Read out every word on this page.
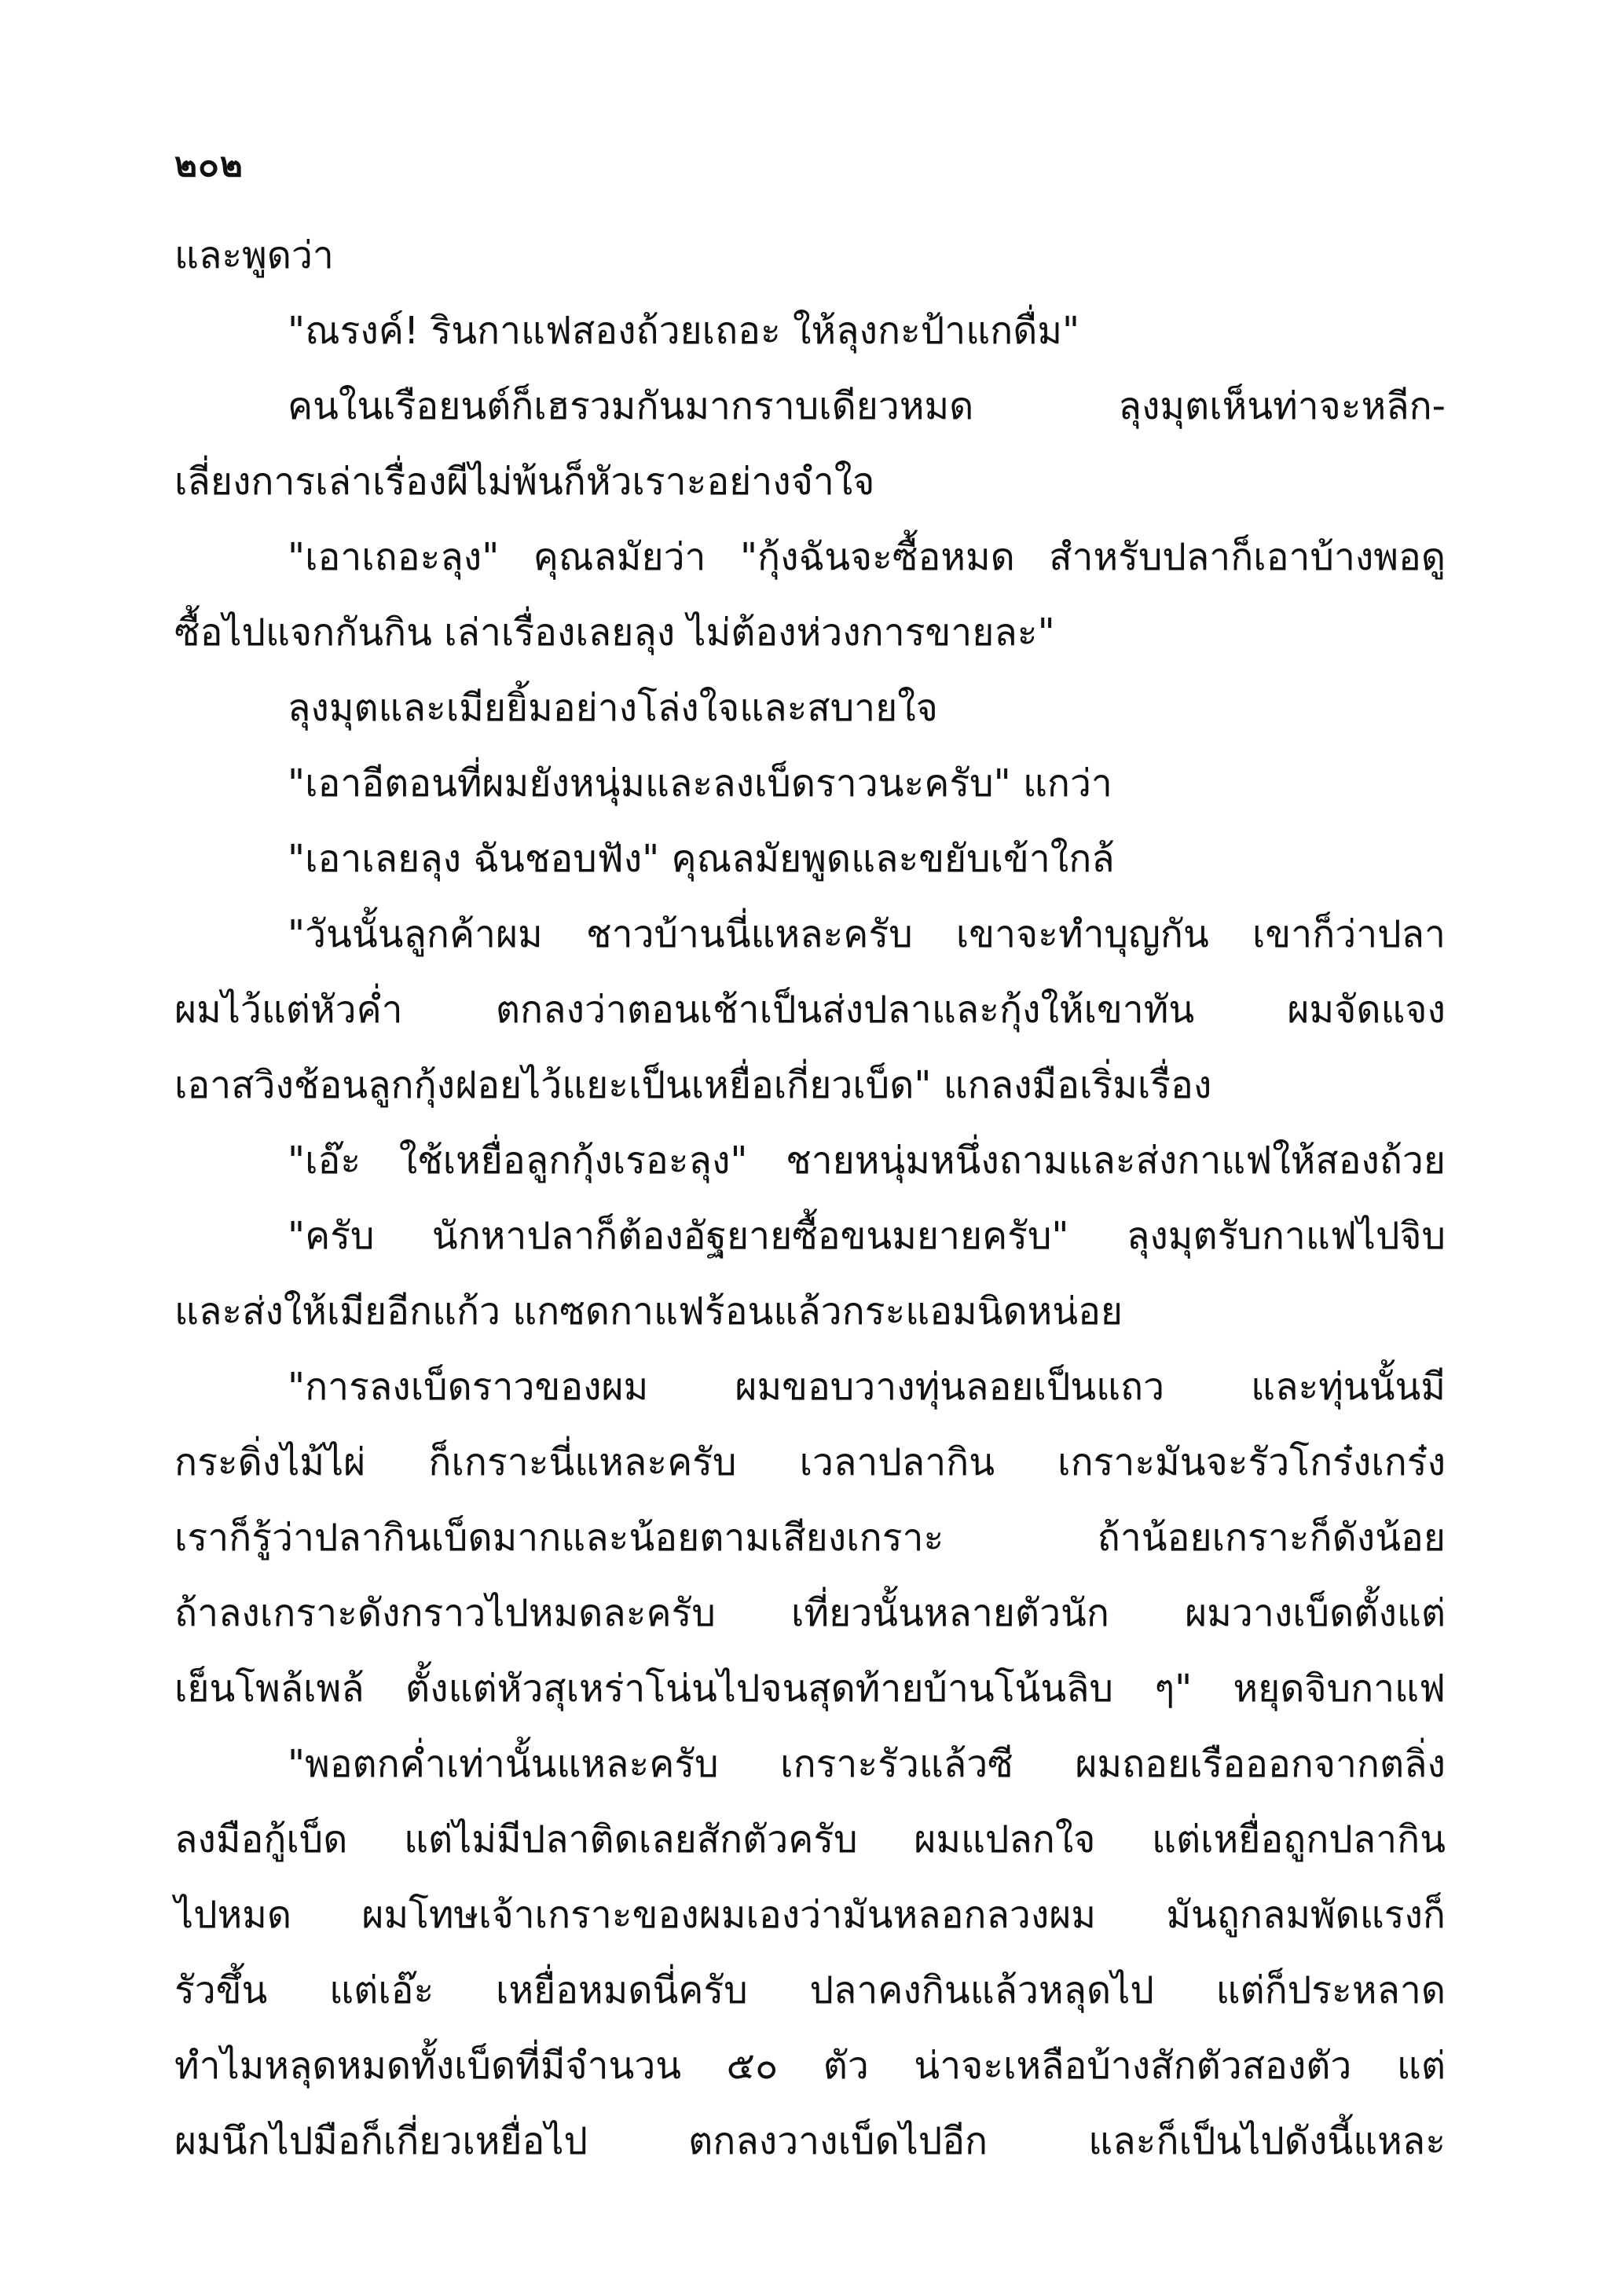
๒๐๒
และพูดว่า
"ณรงค์! รินกาแฟสองถ้วยเถอะ ให้ลุงกะป้าแกดื่ม"
คนในเรือยนต์ก็เฮรวมกันมากราบเดียวหมด ลุงมุตเห็นท่าจะหลีก-
เลี่ยงการเล่าเรื่องผีไม่พ้นก็หัวเราะอย่างจำใจ
"เอาเถอะลุง" คุณลมัยว่า "กุ้งฉันจะซื้อหมด สำหรับปลาก็เอาบ้างพอดู
ซื้อไปแจกกันกิน เล่าเรื่องเลยลุง ไม่ต้องห่วงการขายละ"
ลุงมุตและเมียยิ้มอย่างโล่งใจและสบายใจ
"เอาอีตอนที่ผมยังหนุ่มและลงเบ็ดราวนะครับ" แกว่า
"เอาเลยลุง ฉันชอบฟัง" คุณลมัยพูดและขยับเข้าใกล้
"วันนั้นลูกค้าผม ชาวบ้านนี่แหละครับ เขาจะทำบุญกัน เขาก็ว่าปลา
ผมไว้แต่หัวค่ำ ตกลงว่าตอนเช้าเป็นส่งปลาและกุ้งให้เขาทัน ผมจัดแจง
เอาสวิงช้อนลูกกุ้งฝอยไว้แยะเป็นเหยื่อเกี่ยวเบ็ด" แกลงมือเริ่มเรื่อง
"เอ๊ะ ใช้เหยื่อลูกกุ้งเรอะลุง" ชายหนุ่มหนึ่งถามและส่งกาแฟให้สองถ้วย
"ครับ นักหาปลาก็ต้องอัฐยายซื้อขนมยายครับ" ลุงมุตรับกาแฟไปจิบ
และส่งให้เมียอีกแก้ว แกซดกาแฟร้อนแล้วกระแอมนิดหน่อย
"การลงเบ็ดราวของผม ผมขอบวางทุ่นลอยเป็นแถว และทุ่นนั้นมี
กระดิ่งไม้ไผ่ ก็เกราะนี่แหละครับ เวลาปลากิน เกราะมันจะรัวโกร๋งเกร๋ง
เราก็รู้ว่าปลากินเบ็ดมากและน้อยตามเสียงเกราะ ถ้าน้อยเกราะก็ดังน้อย
ถ้าลงเกราะดังกราวไปหมดละครับ เที่ยวนั้นหลายตัวนัก ผมวางเบ็ดตั้งแต่
เย็นโพล้เพล้ ตั้งแต่หัวสุเหร่าโน่นไปจนสุดท้ายบ้านโน้นลิบ ๆ" หยุดจิบกาแฟ
"พอตกค่ำเท่านั้นแหละครับ เกราะรัวแล้วซี ผมถอยเรือออกจากตลิ่ง
ลงมือกู้เบ็ด แต่ไม่มีปลาติดเลยสักตัวครับ ผมแปลกใจ แต่เหยื่อถูกปลากิน
ไปหมด ผมโทษเจ้าเกราะของผมเองว่ามันหลอกลวงผม มันถูกลมพัดแรงก็
รัวขึ้น แต่เอ๊ะ เหยื่อหมดนี่ครับ ปลาคงกินแล้วหลุดไป แต่ก็ประหลาด
ทำไมหลุดหมดทั้งเบ็ดที่มีจำนวน ๕๐ ตัว น่าจะเหลือบ้างสักตัวสองตัว แต่
ผมนึกไปมือก็เกี่ยวเหยื่อไป ตกลงวางเบ็ดไปอีก และก็เป็นไปดังนี้แหละ
